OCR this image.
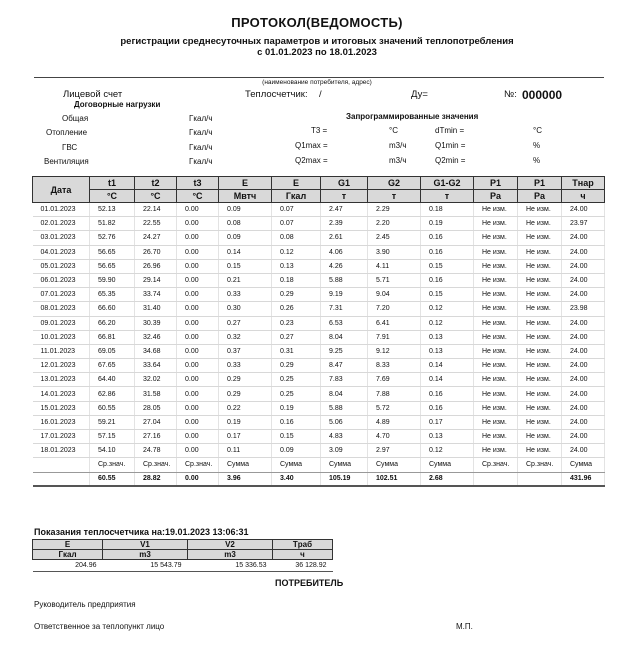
ПРОТОКОЛ(ВЕДОМОСТЬ)
регистрации среднесуточных параметров и итоговых значений теплопотребления
с 01.01.2023 по 18.01.2023
(наименование потребителя, адрес)
Лицевой счет	Теплосчетчик: /	Ду=	№: 000000
Договорные нагрузки
Запрограммированные значения
Общая	Гкал/ч
Отопление	Гкал/ч
ГВС	Гкал/ч
Вентиляция	Гкал/ч
Т3 =	°C	dTmin =	°C
Q1max =	m3/ч	Q1min =	%
Q2max =	m3/ч	Q2min =	%
Дата	t1	t2	t3	E	E	G1	G2	G1-G2	P1	P1	Tнар
	°C	°C	°C	Мвтч	Гкал	т	т	т	Pa	Pa	ч
01.01.2023	52.13	22.14	0.00	0.09	0.07	2.47	2.29	0.18	Не изм.	Не изм.	24.00
02.01.2023	51.82	22.55	0.00	0.08	0.07	2.39	2.20	0.19	Не изм.	Не изм.	23.97
03.01.2023	52.76	24.27	0.00	0.09	0.08	2.61	2.45	0.16	Не изм.	Не изм.	24.00
04.01.2023	56.65	26.70	0.00	0.14	0.12	4.06	3.90	0.16	Не изм.	Не изм.	24.00
05.01.2023	56.65	26.96	0.00	0.15	0.13	4.26	4.11	0.15	Не изм.	Не изм.	24.00
06.01.2023	59.90	29.14	0.00	0.21	0.18	5.88	5.71	0.16	Не изм.	Не изм.	24.00
07.01.2023	65.35	33.74	0.00	0.33	0.29	9.19	9.04	0.15	Не изм.	Не изм.	24.00
08.01.2023	66.60	31.40	0.00	0.30	0.26	7.31	7.20	0.12	Не изм.	Не изм.	23.98
09.01.2023	66.20	30.39	0.00	0.27	0.23	6.53	6.41	0.12	Не изм.	Не изм.	24.00
10.01.2023	66.81	32.46	0.00	0.32	0.27	8.04	7.91	0.13	Не изм.	Не изм.	24.00
11.01.2023	69.05	34.68	0.00	0.37	0.31	9.25	9.12	0.13	Не изм.	Не изм.	24.00
12.01.2023	67.65	33.64	0.00	0.33	0.29	8.47	8.33	0.14	Не изм.	Не изм.	24.00
13.01.2023	64.40	32.02	0.00	0.29	0.25	7.83	7.69	0.14	Не изм.	Не изм.	24.00
14.01.2023	62.86	31.58	0.00	0.29	0.25	8.04	7.88	0.16	Не изм.	Не изм.	24.00
15.01.2023	60.55	28.05	0.00	0.22	0.19	5.88	5.72	0.16	Не изм.	Не изм.	24.00
16.01.2023	59.21	27.04	0.00	0.19	0.16	5.06	4.89	0.17	Не изм.	Не изм.	24.00
17.01.2023	57.15	27.16	0.00	0.17	0.15	4.83	4.70	0.13	Не изм.	Не изм.	24.00
18.01.2023	54.10	24.78	0.00	0.11	0.09	3.09	2.97	0.12	Не изм.	Не изм.	24.00
	Ср.знач.	Ср.знач.	Ср.знач.	Сумма	Сумма	Сумма	Сумма	Сумма	Ср.знач.	Ср.знач.	Сумма
	60.55	28.82	0.00	3.96	3.40	105.19	102.51	2.68			431.96
Показания теплосчетчика на:19.01.2023 13:06:31
E	V1	V2	Tраб
Гкал	m3	m3	ч
204.96	15 543.79	15 336.53	36 128.92
ПОТРЕБИТЕЛЬ
Руководитель предприятия
Ответственное за теплопункт лицо	М.П.
